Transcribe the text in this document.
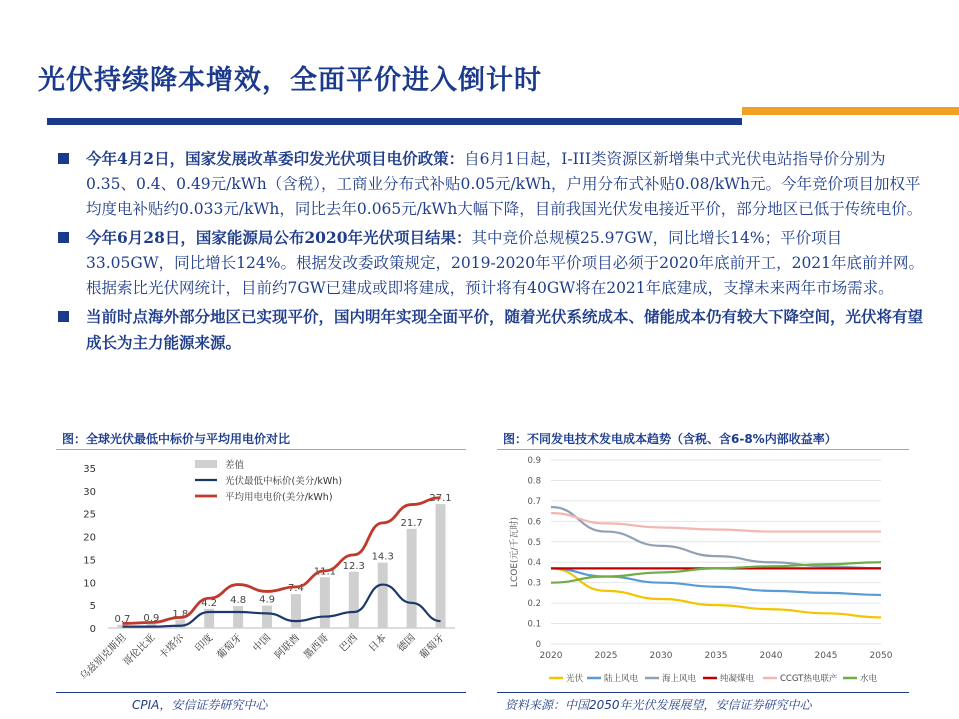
光伏持续降本增效，全面平价进入倒计时
今年4月2日，国家发展改革委印发光伏项目电价政策：自6月1日起，I-III类资源区新增集中式光伏电站指导价分别为0.35、0.4、0.49元/kWh（含税），工商业分布式补贴0.05元/kWh，户用分布式补贴0.08/kWh元。今年竞价项目加权平均度电补贴约0.033元/kWh，同比去年0.065元/kWh大幅下降，目前我国光伏发电接近平价，部分地区已低于传统电价。
今年6月28日，国家能源局公布2020年光伏项目结果：其中竞价总规模25.97GW，同比增长14%；平价项目33.05GW，同比增长124%。根据发改委政策规定，2019-2020年平价项目必须于2020年底前开工，2021年底前并网。根据索比光伏网统计，目前约7GW已建成或即将建成，预计将有40GW将在2021年底建成，支撑未来两年市场需求。
当前时点海外部分地区已实现平价，国内明年实现全面平价，随着光伏系统成本、储能成本仍有较大下降空间，光伏将有望成长为主力能源来源。
图：全球光伏最低中标价与平均用电价对比	图：不同发电技术发电成本趋势（含税、含6-8%内部收益率）
0
5
10
15
20
25
30
35
0.7 0.9 1.8
4.2 4.8 4.9
7.4
11.1 12.3
14.3
21.7
27.1
乌兹别克斯坦
哥伦比亚 卡塔尔 印度 葡萄牙 中国 阿联酋 墨西哥 巴西 日本 德国 葡萄牙
差值
光伏最低中标价(美分/kWh)
平均用电电价(美分/kWh)
0
0.1
0.2
0.3
0.4
0.5
0.6
0.7
0.8
0.9
2020	2025	2030	2035	2040	2045	2050
LCOE(元/千瓦时)
光伏 陆上风电	海上风电	纯凝煤电	CCGT热电联产	水电
CPIA，安信证券研究中心	资料来源：中国2050年光伏发展展望，安信证券研究中心
